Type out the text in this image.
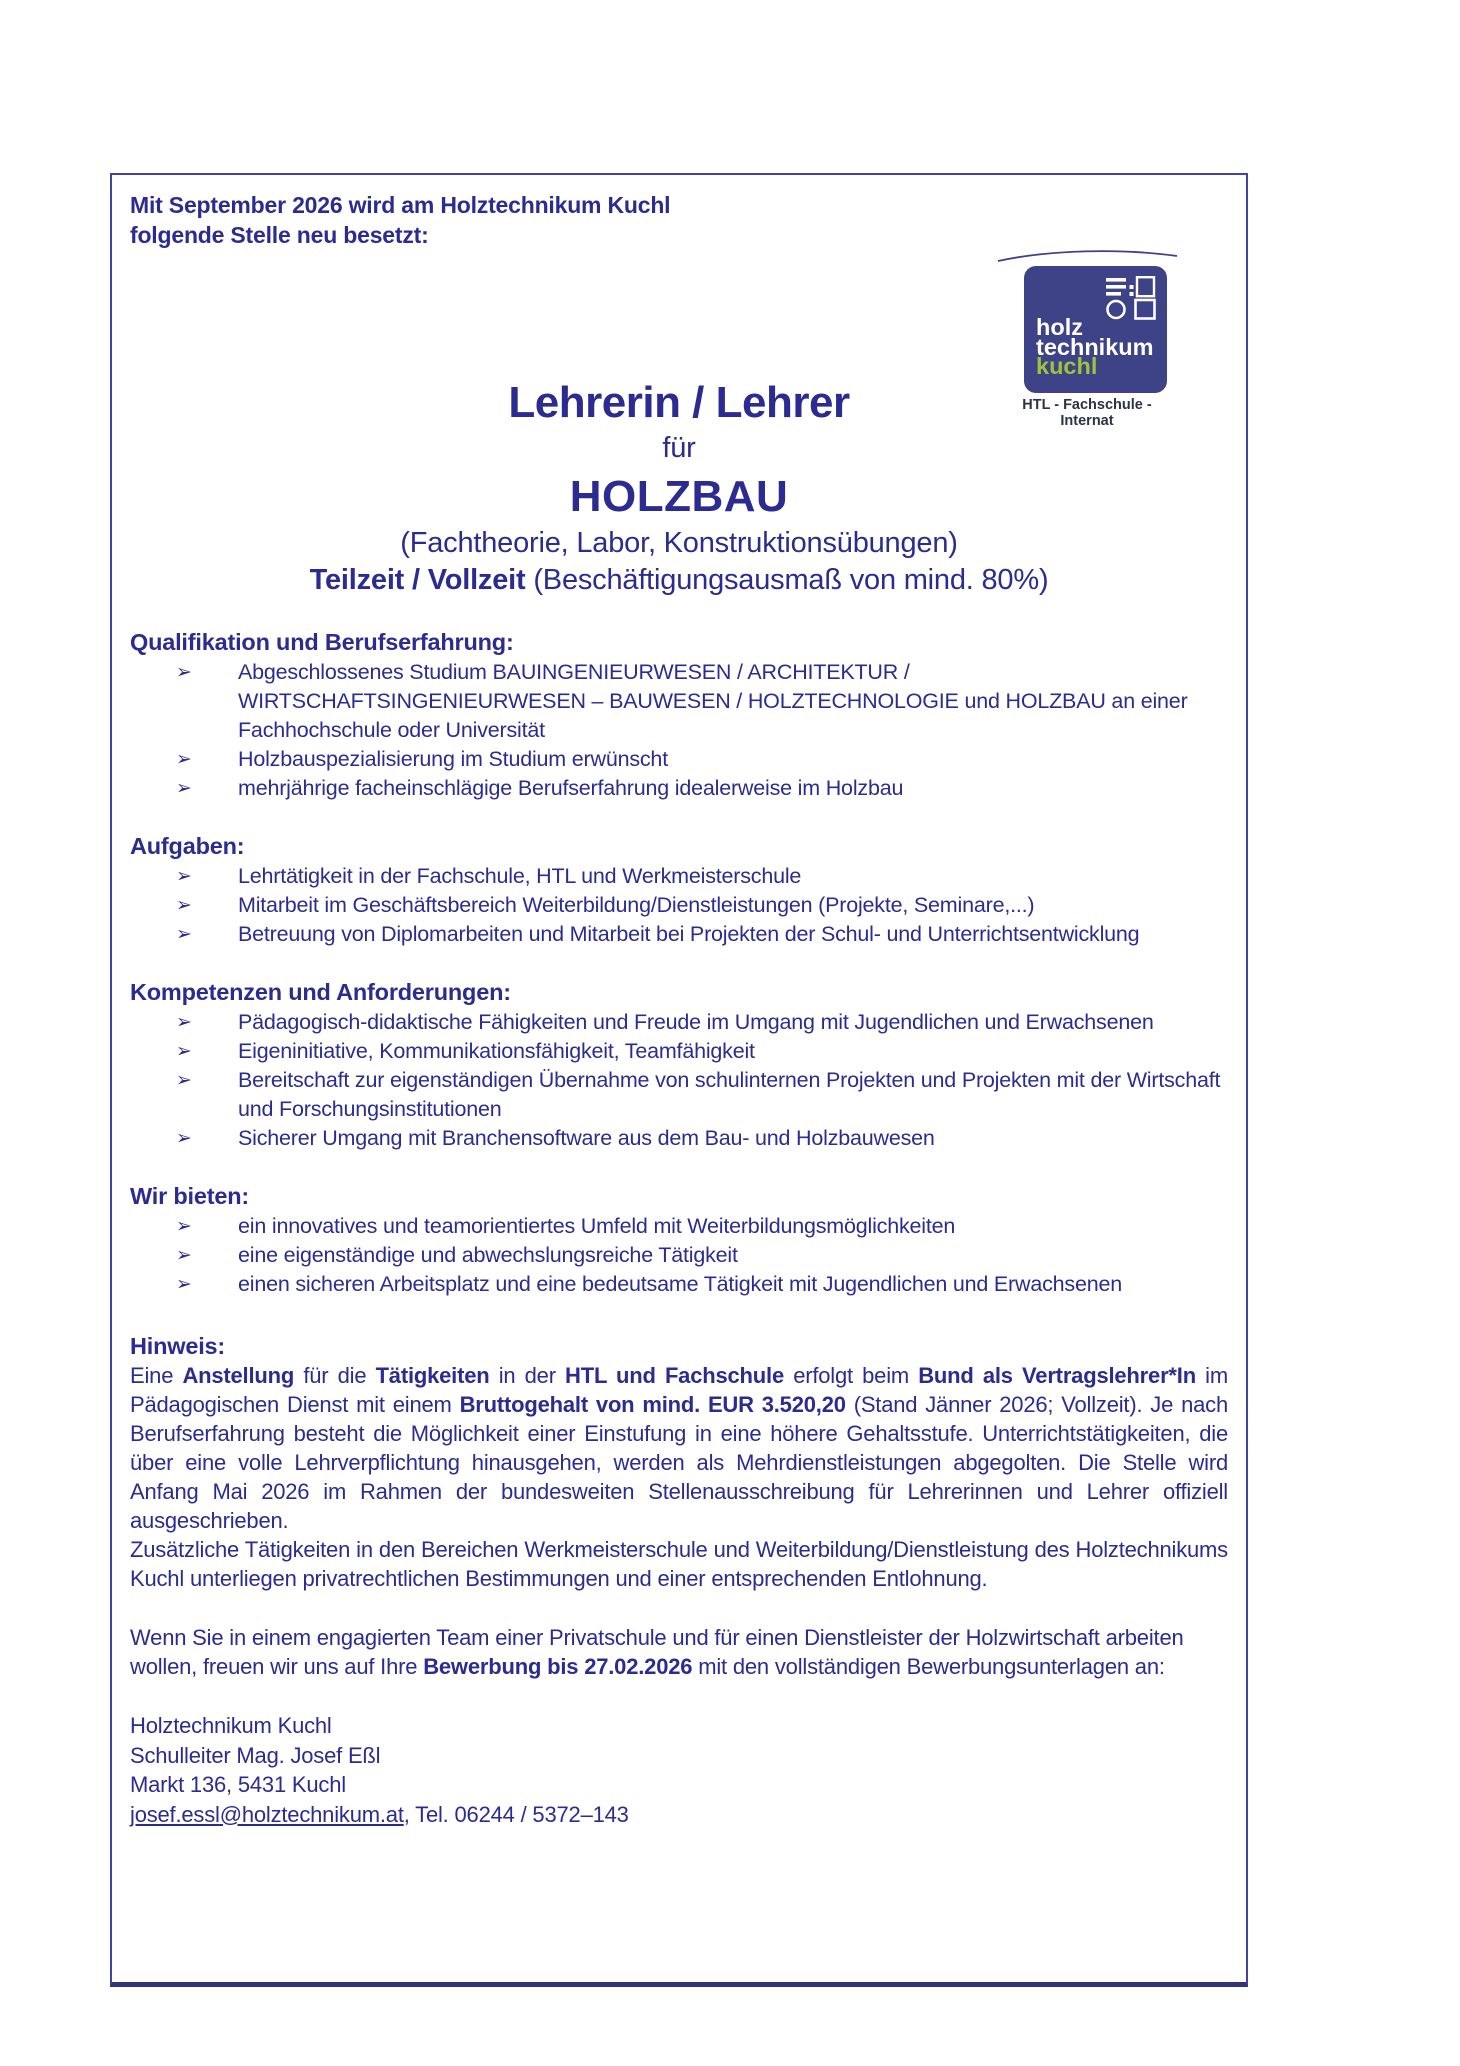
Mit September 2026 wird am Holztechnikum Kuchl
folgende Stelle neu besetzt:
holz
technikum
kuchl
HTL - Fachschule - Internat
Lehrerin / Lehrer
für
HOLZBAU
(Fachtheorie, Labor, Konstruktionsübungen)
Teilzeit / Vollzeit (Beschäftigungsausmaß von mind. 80%)
Qualifikation und Berufserfahrung:
➢ Abgeschlossenes Studium BAUINGENIEURWESEN / ARCHITEKTUR / WIRTSCHAFTSINGENIEURWESEN – BAUWESEN / HOLZTECHNOLOGIE und HOLZBAU an einer Fachhochschule oder Universität
➢ Holzbauspezialisierung im Studium erwünscht
➢ mehrjährige facheinschlägige Berufserfahrung idealerweise im Holzbau
Aufgaben:
➢ Lehrtätigkeit in der Fachschule, HTL und Werkmeisterschule
➢ Mitarbeit im Geschäftsbereich Weiterbildung/Dienstleistungen (Projekte, Seminare,...)
➢ Betreuung von Diplomarbeiten und Mitarbeit bei Projekten der Schul- und Unterrichtsentwicklung
Kompetenzen und Anforderungen:
➢ Pädagogisch-didaktische Fähigkeiten und Freude im Umgang mit Jugendlichen und Erwachsenen
➢ Eigeninitiative, Kommunikationsfähigkeit, Teamfähigkeit
➢ Bereitschaft zur eigenständigen Übernahme von schulinternen Projekten und Projekten mit der Wirtschaft und Forschungsinstitutionen
➢ Sicherer Umgang mit Branchensoftware aus dem Bau- und Holzbauwesen
Wir bieten:
➢ ein innovatives und teamorientiertes Umfeld mit Weiterbildungsmöglichkeiten
➢ eine eigenständige und abwechslungsreiche Tätigkeit
➢ einen sicheren Arbeitsplatz und eine bedeutsame Tätigkeit mit Jugendlichen und Erwachsenen
Hinweis:

Eine Anstellung für die Tätigkeiten in der HTL und Fachschule erfolgt beim Bund als Vertragslehrer*In im Pädagogischen Dienst mit einem Bruttogehalt von mind. EUR 3.520,20 (Stand Jänner 2026; Vollzeit). Je nach Berufserfahrung besteht die Möglichkeit einer Einstufung in eine höhere Gehaltsstufe. Unterrichtstätigkeiten, die über eine volle Lehrverpflichtung hinausgehen, werden als Mehrdienstleistungen abgegolten. Die Stelle wird Anfang Mai 2026 im Rahmen der bundesweiten Stellenausschreibung für Lehrerinnen und Lehrer offiziell ausgeschrieben.

Zusätzliche Tätigkeiten in den Bereichen Werkmeisterschule und Weiterbildung/Dienstleistung des Holztechnikums Kuchl unterliegen privatrechtlichen Bestimmungen und einer entsprechenden Entlohnung.

Wenn Sie in einem engagierten Team einer Privatschule und für einen Dienstleister der Holzwirtschaft arbeiten wollen, freuen wir uns auf Ihre Bewerbung bis 27.02.2026 mit den vollständigen Bewerbungsunterlagen an:

Holztechnikum Kuchl
Schulleiter Mag. Josef Eßl
Markt 136, 5431 Kuchl
josef.essl@holztechnikum.at, Tel. 06244 / 5372–143
